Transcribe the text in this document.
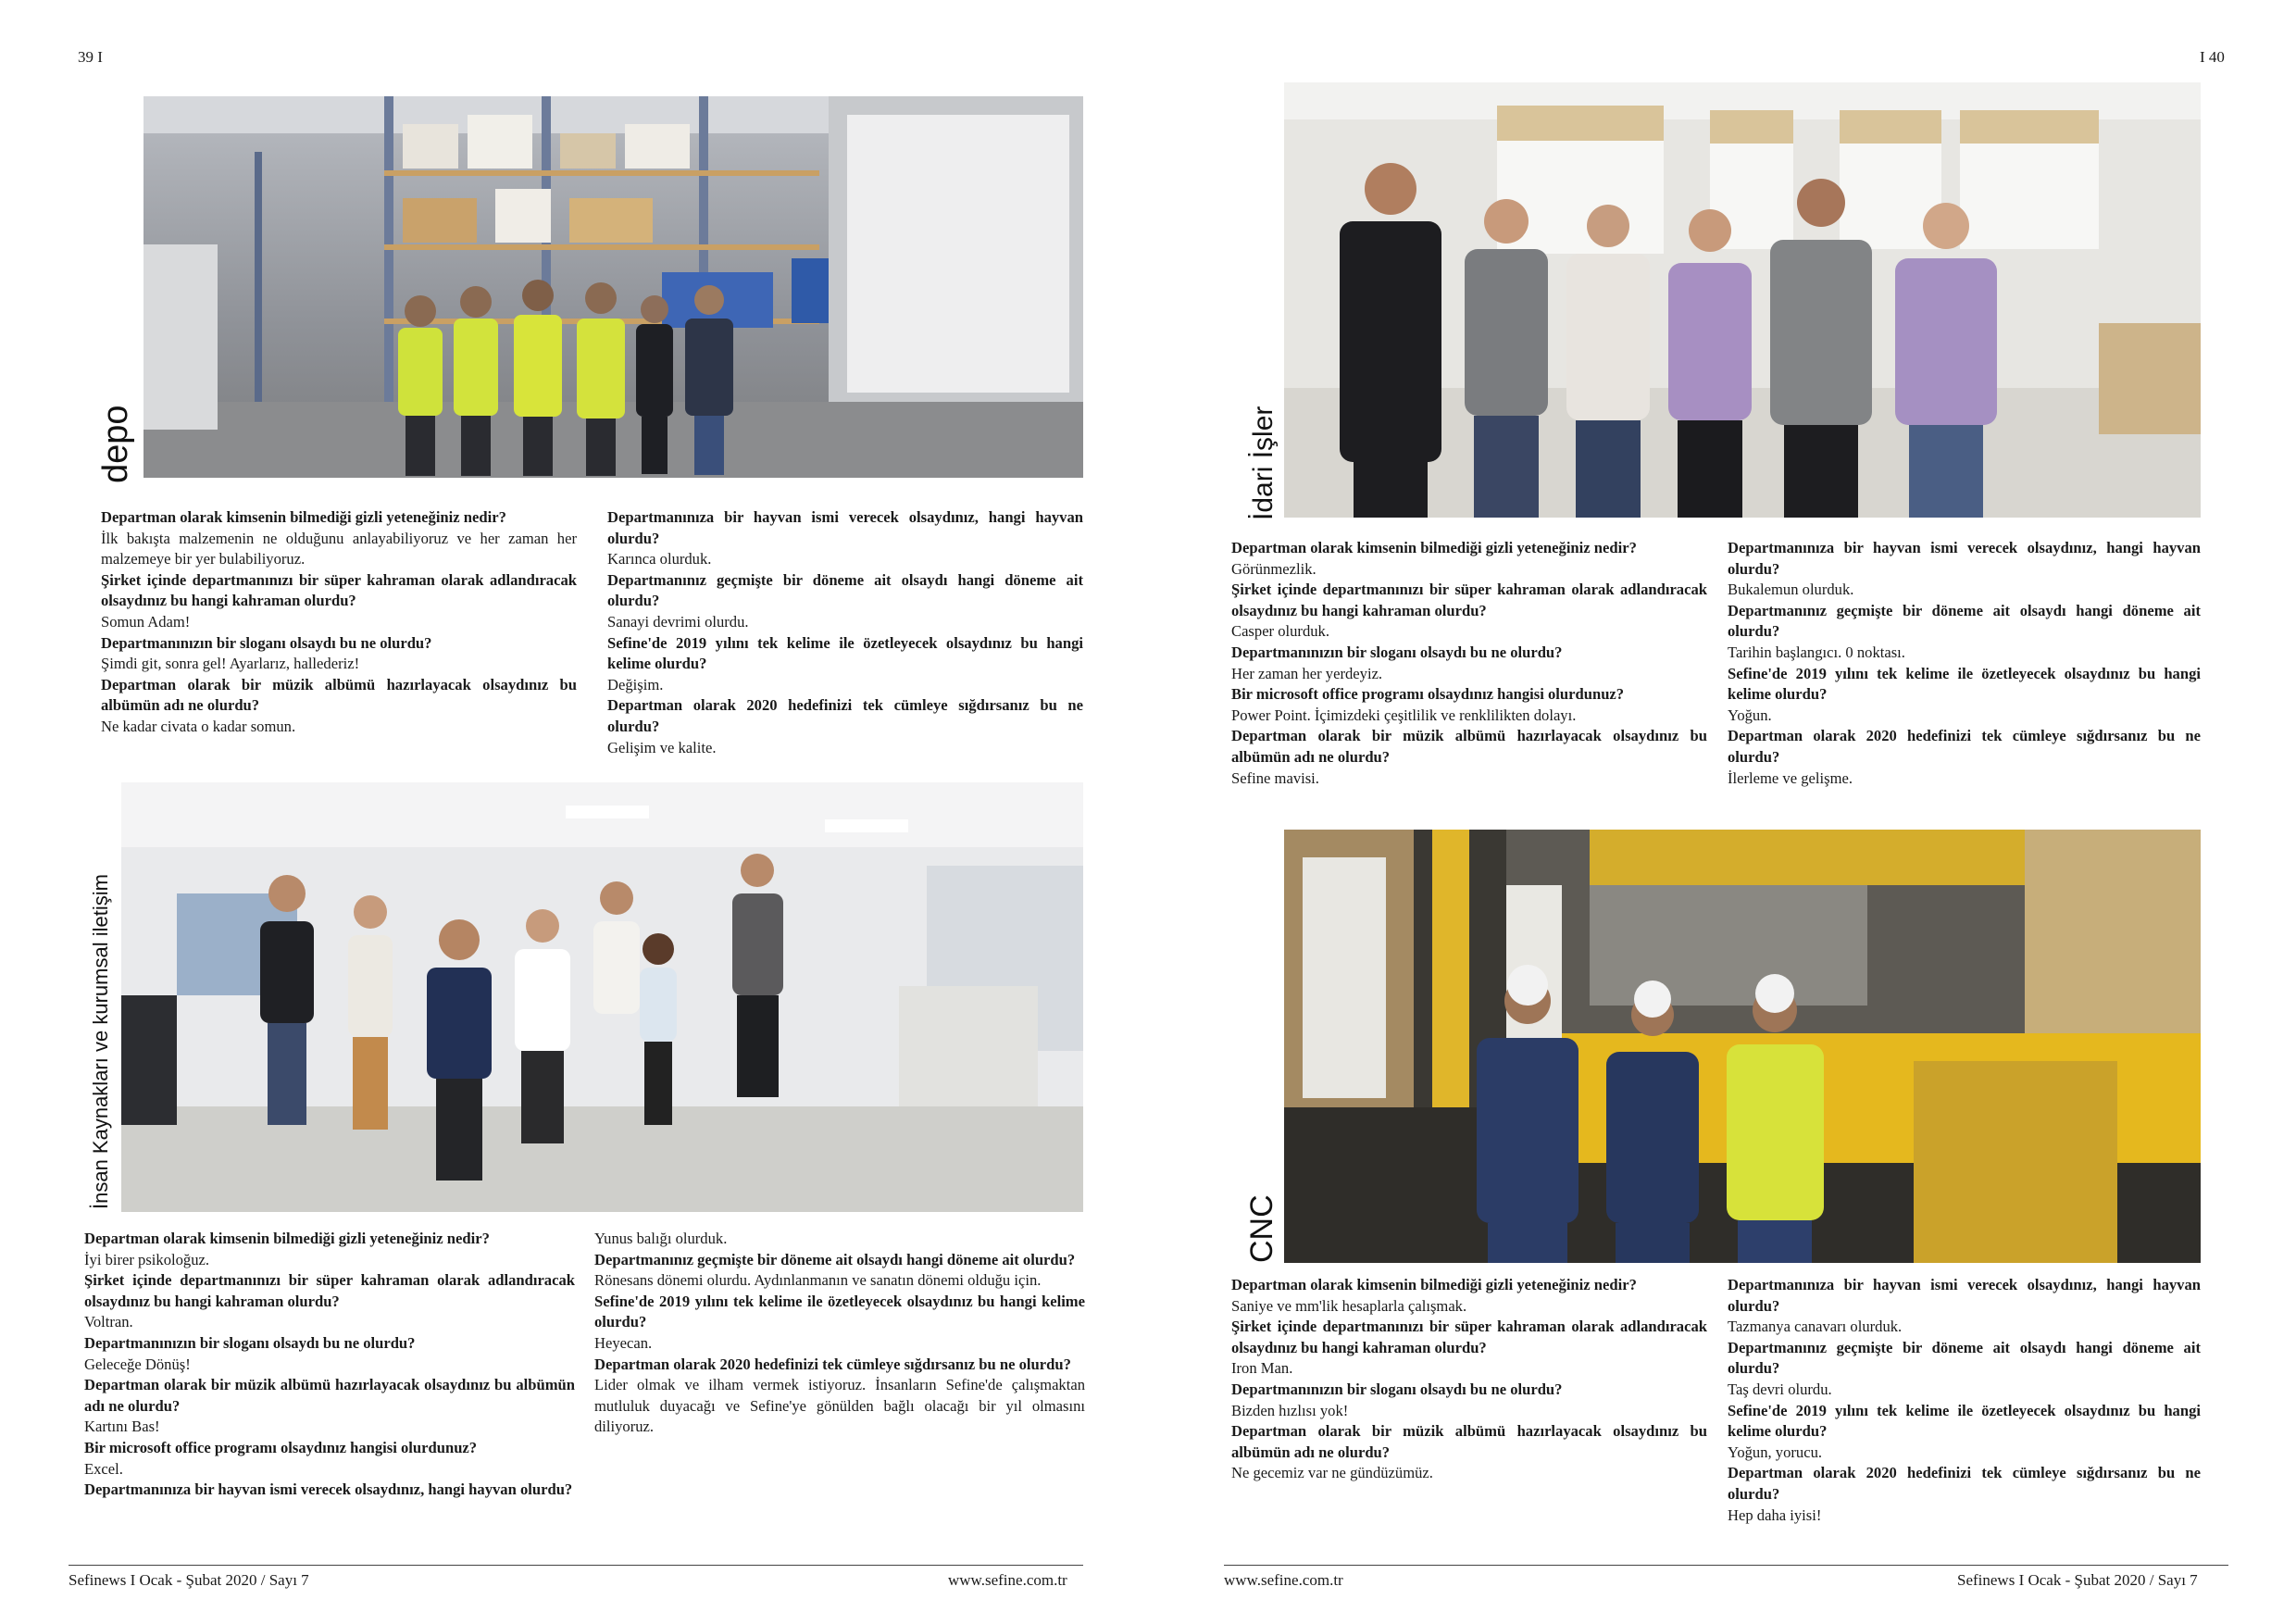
39 I
depo

Departman olarak kimsenin bilmediği gizli yeteneğiniz nedir?

İlk bakışta malzemenin ne olduğunu anlayabiliyoruz ve her zaman her malzemeye bir yer bulabiliyoruz.

Şirket içinde departmanınızı bir süper kahraman olarak adlandıracak olsaydınız bu hangi kahraman olurdu?

Somun Adam!

Departmanınızın bir sloganı olsaydı bu ne olurdu?

Şimdi git, sonra gel! Ayarlarız, hallederiz!

Departman olarak bir müzik albümü hazırlayacak olsaydınız bu albümün adı ne olurdu?

Ne kadar civata o kadar somun.

Departmanınıza bir hayvan ismi verecek olsaydınız, hangi hayvan olurdu?

Karınca olurduk.

Departmanınız geçmişte bir döneme ait olsaydı hangi döneme ait olurdu?

Sanayi devrimi olurdu.

Sefine'de 2019 yılını tek kelime ile özetleyecek olsaydınız bu hangi kelime olurdu?

Değişim.

Departman olarak 2020 hedefinizi tek cümleye sığdırsanız bu ne olurdu?

Gelişim ve kalite.

İnsan Kaynakları ve kurumsal iletişim

Departman olarak kimsenin bilmediği gizli yeteneğiniz nedir?

İyi birer psikoloğuz.

Şirket içinde departmanınızı bir süper kahraman olarak adlandıracak olsaydınız bu hangi kahraman olurdu?

Voltran.

Departmanınızın bir sloganı olsaydı bu ne olurdu?

Geleceğe Dönüş!

Departman olarak bir müzik albümü hazırlayacak olsaydınız bu albümün adı ne olurdu?

Kartını Bas!

Bir microsoft office programı olsaydınız hangisi olurdunuz?

Excel.

Departmanınıza bir hayvan ismi verecek olsaydınız, hangi hayvan olurdu?

Yunus balığı olurduk.

Departmanınız geçmişte bir döneme ait olsaydı hangi döneme ait olurdu?

Rönesans dönemi olurdu. Aydınlanmanın ve sanatın dönemi olduğu için.

Sefine'de 2019 yılını tek kelime ile özetleyecek olsaydınız bu hangi kelime olurdu?

Heyecan.

Departman olarak 2020 hedefinizi tek cümleye sığdırsanız bu ne olurdu?

Lider olmak ve ilham vermek istiyoruz. İnsanların Sefine'de çalışmaktan mutluluk duyacağı ve Sefine'ye gönülden bağlı olacağı bir yıl olmasını diliyoruz.

Sefinews I Ocak - Şubat 2020 / Sayı 7	www.sefine.com.tr
I 40
İdari İşler

Departman olarak kimsenin bilmediği gizli yeteneğiniz nedir?

Görünmezlik.

Şirket içinde departmanınızı bir süper kahraman olarak adlandıracak olsaydınız bu hangi kahraman olurdu?

Casper olurduk.

Departmanınızın bir sloganı olsaydı bu ne olurdu?

Her zaman her yerdeyiz.

Bir microsoft office programı olsaydınız hangisi olurdunuz?

Power Point. İçimizdeki çeşitlilik ve renklilikten dolayı.

Departman olarak bir müzik albümü hazırlayacak olsaydınız bu albümün adı ne olurdu?

Sefine mavisi.

Departmanınıza bir hayvan ismi verecek olsaydınız, hangi hayvan olurdu?

Bukalemun olurduk.

Departmanınız geçmişte bir döneme ait olsaydı hangi döneme ait olurdu?

Tarihin başlangıcı. 0 noktası.

Sefine'de 2019 yılını tek kelime ile özetleyecek olsaydınız bu hangi kelime olurdu?

Yoğun.

Departman olarak 2020 hedefinizi tek cümleye sığdırsanız bu ne olurdu?

İlerleme ve gelişme.

CNC

Departman olarak kimsenin bilmediği gizli yeteneğiniz nedir?

Saniye ve mm'lik hesaplarla çalışmak.

Şirket içinde departmanınızı bir süper kahraman olarak adlandıracak olsaydınız bu hangi kahraman olurdu?

Iron Man.

Departmanınızın bir sloganı olsaydı bu ne olurdu?

Bizden hızlısı yok!

Departman olarak bir müzik albümü hazırlayacak olsaydınız bu albümün adı ne olurdu?

Ne gecemiz var ne gündüzümüz.

Departmanınıza bir hayvan ismi verecek olsaydınız, hangi hayvan olurdu?

Tazmanya canavarı olurduk.

Departmanınız geçmişte bir döneme ait olsaydı hangi döneme ait olurdu?

Taş devri olurdu.

Sefine'de 2019 yılını tek kelime ile özetleyecek olsaydınız bu hangi kelime olurdu?

Yoğun, yorucu.

Departman olarak 2020 hedefinizi tek cümleye sığdırsanız bu ne olurdu?

Hep daha iyisi!

www.sefine.com.tr	Sefinews I Ocak - Şubat 2020 / Sayı 7
